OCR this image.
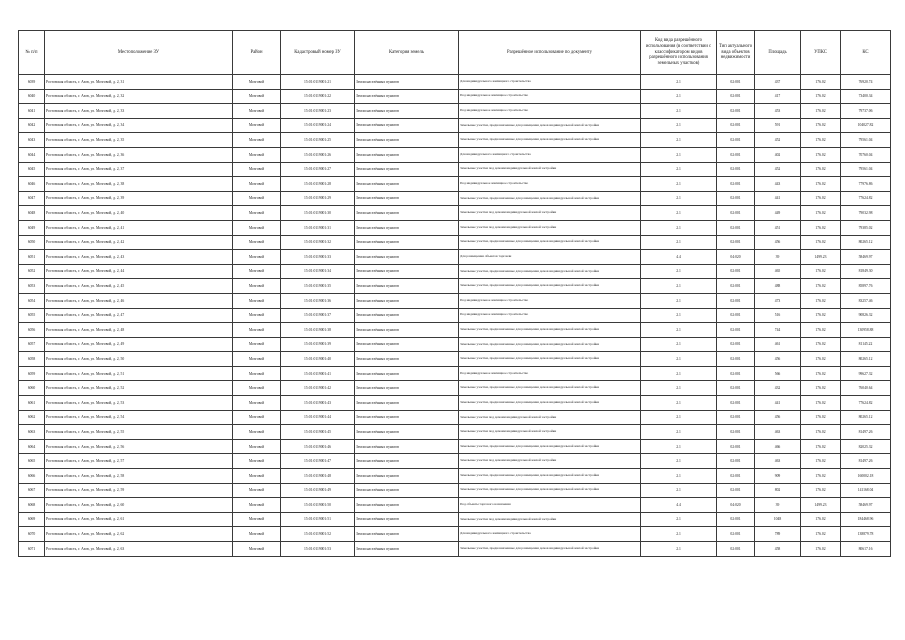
№ п/п	Местоположение ЗУ	Район	Кадастровый номер ЗУ	Категория земель	Разрешённое использование по документу	Код вида разрешённого использования (в соответствии с классификатором видов разрешённого использования земельных участков)	Тип актуального вида объектов недвижимости	Площадь	УПКС	КС
6039	Ростовская область, г. Азов, ул. Мозговой, д. 2, 31	Мозговой	15:01:0119001:21	Земли населённых пунктов	Для индивидуального жилищного строительства	2.1	02:001	437	176.02	76920.74
6040	Ростовская область, г. Азов, ул. Мозговой, д. 2, 32	Мозговой	15:01:0119001:22	Земли населённых пунктов	Под индивидуальное жилищное строительство	2.1	02:001	417	176.02	73400.34
6041	Ростовская область, г. Азов, ул. Мозговой, д. 2, 33	Мозговой	15:01:0119001:23	Земли населённых пунктов	Под индивидуальное жилищное строительство	2.1	02:001	453	176.02	79737.06
6042	Ростовская область, г. Азов, ул. Мозговой, д. 2, 34	Мозговой	15:01:0119001:24	Земли населённых пунктов	Земельные участки, предназначенные для размещения домов индивидуальной жилой застройки	2.1	02:001	591	176.02	104027.82
6043	Ростовская область, г. Азов, ул. Мозговой, д. 2, 35	Мозговой	15:01:0119001:25	Земли населённых пунктов	Земельные участки, предназначенные для размещения домов индивидуальной жилой застройки	2.1	02:001	452	176.02	79561.04
6044	Ростовская область, г. Азов, ул. Мозговой, д. 2, 36	Мозговой	15:01:0119001:26	Земли населённых пунктов	Для индивидуального жилищного строительства	2.1	02:001	402	176.02	70760.04
6045	Ростовская область, г. Азов, ул. Мозговой, д. 2, 37	Мозговой	15:01:0119001:27	Земли населённых пунктов	Земельные участки под домами индивидуальной жилой застройки	2.1	02:001	452	176.02	79561.04
6046	Ростовская область, г. Азов, ул. Мозговой, д. 2, 38	Мозговой	15:01:0119001:28	Земли населённых пунктов	Под индивидуальное жилищное строительство	2.1	02:001	443	176.02	77976.86
6047	Ростовская область, г. Азов, ул. Мозговой, д. 2, 39	Мозговой	15:01:0119001:29	Земли населённых пунктов	Земельные участки, предназначенные для размещения домов индивидуальной жилой застройки	2.1	02:001	441	176.02	77624.82
6048	Ростовская область, г. Азов, ул. Мозговой, д. 2, 40	Мозговой	15:01:0119001:30	Земли населённых пунктов	Земельные участки под домами индивидуальной жилой застройки	2.1	02:001	449	176.02	79032.98
6049	Ростовская область, г. Азов, ул. Мозговой, д. 2, 41	Мозговой	15:01:0119001:31	Земли населённых пунктов	Земельные участки под домами индивидуальной жилой застройки	2.1	02:001	451	176.02	79385.02
6050	Ростовская область, г. Азов, ул. Мозговой, д. 2, 42	Мозговой	15:01:0119001:32	Земли населённых пунктов	Земельные участки, предназначенные для размещения домов индивидуальной жилой застройки	2.1	02:001	456	176.02	80265.12
6051	Ростовская область, г. Азов, ул. Мозговой, д. 2, 43	Мозговой	15:01:0119001:33	Земли населённых пунктов	Для размещения объектов торговли	4.4	04:020	39	1499.23	58469.97
6052	Ростовская область, г. Азов, ул. Мозговой, д. 2, 44	Мозговой	15:01:0119001:34	Земли населённых пунктов	Земельные участки, предназначенные для размещения домов индивидуальной жилой застройки	2.1	02:001	465	176.02	81849.30
6053	Ростовская область, г. Азов, ул. Мозговой, д. 2, 45	Мозговой	15:01:0119001:35	Земли населённых пунктов	Земельные участки, предназначенные для размещения домов индивидуальной жилой застройки	2.1	02:001	488	176.02	85897.76
6054	Ростовская область, г. Азов, ул. Мозговой, д. 2, 46	Мозговой	15:01:0119001:36	Земли населённых пунктов	Под индивидуальное жилищное строительство	2.1	02:001	473	176.02	83257.46
6055	Ростовская область, г. Азов, ул. Мозговой, д. 2, 47	Мозговой	15:01:0119001:37	Земли населённых пунктов	Под индивидуальное жилищное строительство	2.1	02:001	516	176.02	90826.32
6056	Ростовская область, г. Азов, ул. Мозговой, д. 2, 48	Мозговой	15:01:0119001:38	Земли населённых пунктов	Земельные участки, предназначенные для размещения домов индивидуальной жилой застройки	2.1	02:001	744	176.02	130958.88
6057	Ростовская область, г. Азов, ул. Мозговой, д. 2, 49	Мозговой	15:01:0119001:39	Земли населённых пунктов	Земельные участки, предназначенные для размещения домов индивидуальной жилой застройки	2.1	02:001	461	176.02	81145.22
6058	Ростовская область, г. Азов, ул. Мозговой, д. 2, 50	Мозговой	15:01:0119001:40	Земли населённых пунктов	Земельные участки, предназначенные для размещения домов индивидуальной жилой застройки	2.1	02:001	456	176.02	80265.12
6059	Ростовская область, г. Азов, ул. Мозговой, д. 2, 51	Мозговой	15:01:0119001:41	Земли населённых пунктов	Под индивидуальное жилищное строительство	2.1	02:001	566	176.02	99627.32
6060	Ростовская область, г. Азов, ул. Мозговой, д. 2, 52	Мозговой	15:01:0119001:42	Земли населённых пунктов	Земельные участки, предназначенные для размещения домов индивидуальной жилой застройки	2.1	02:001	432	176.02	76040.64
6061	Ростовская область, г. Азов, ул. Мозговой, д. 2, 53	Мозговой	15:01:0119001:43	Земли населённых пунктов	Земельные участки, предназначенные для размещения домов индивидуальной жилой застройки	2.1	02:001	441	176.02	77624.82
6062	Ростовская область, г. Азов, ул. Мозговой, д. 2, 54	Мозговой	15:01:0119001:44	Земли населённых пунктов	Земельные участки под домами индивидуальной жилой застройки	2.1	02:001	456	176.02	80265.12
6063	Ростовская область, г. Азов, ул. Мозговой, д. 2, 55	Мозговой	15:01:0119001:45	Земли населённых пунктов	Земельные участки под домами индивидуальной жилой застройки	2.1	02:001	463	176.02	81497.26
6064	Ростовская область, г. Азов, ул. Мозговой, д. 2, 56	Мозговой	15:01:0119001:46	Земли населённых пунктов	Земельные участки, предназначенные для размещения домов индивидуальной жилой застройки	2.1	02:001	466	176.02	82025.32
6065	Ростовская область, г. Азов, ул. Мозговой, д. 2, 57	Мозговой	15:01:0119001:47	Земли населённых пунктов	Земельные участки под домами индивидуальной жилой застройки	2.1	02:001	463	176.02	81497.26
6066	Ростовская область, г. Азов, ул. Мозговой, д. 2, 58	Мозговой	15:01:0119001:48	Земли населённых пунктов	Земельные участки, предназначенные для размещения домов индивидуальной жилой застройки	2.1	02:001	909	176.02	160002.18
6067	Ростовская область, г. Азов, ул. Мозговой, д. 2, 59	Мозговой	15:01:0119001:49	Земли населённых пунктов	Земельные участки, предназначенные для размещения домов индивидуальной жилой застройки	2.1	02:001	802	176.02	141168.04
6068	Ростовская область, г. Азов, ул. Мозговой, д. 2, 60	Мозговой	15:01:0119001:50	Земли населённых пунктов	Под объекты торгового назначения	4.4	04:020	39	1499.23	58469.97
6069	Ростовская область, г. Азов, ул. Мозговой, д. 2, 61	Мозговой	15:01:0119001:51	Земли населённых пунктов	Земельные участки под домами индивидуальной жилой застройки	2.1	02:001	1048	176.02	184468.96
6070	Ростовская область, г. Азов, ул. Мозговой, д. 2, 62	Мозговой	15:01:0119001:52	Земли населённых пунктов	Для индивидуального жилищного строительства	2.1	02:001	789	176.02	138879.78
6071	Ростовская область, г. Азов, ул. Мозговой, д. 2, 63	Мозговой	15:01:0119001:53	Земли населённых пунктов	Земельные участки, предназначенные для размещения домов индивидуальной жилой застройки	2.1	02:001	458	176.02	80617.16
